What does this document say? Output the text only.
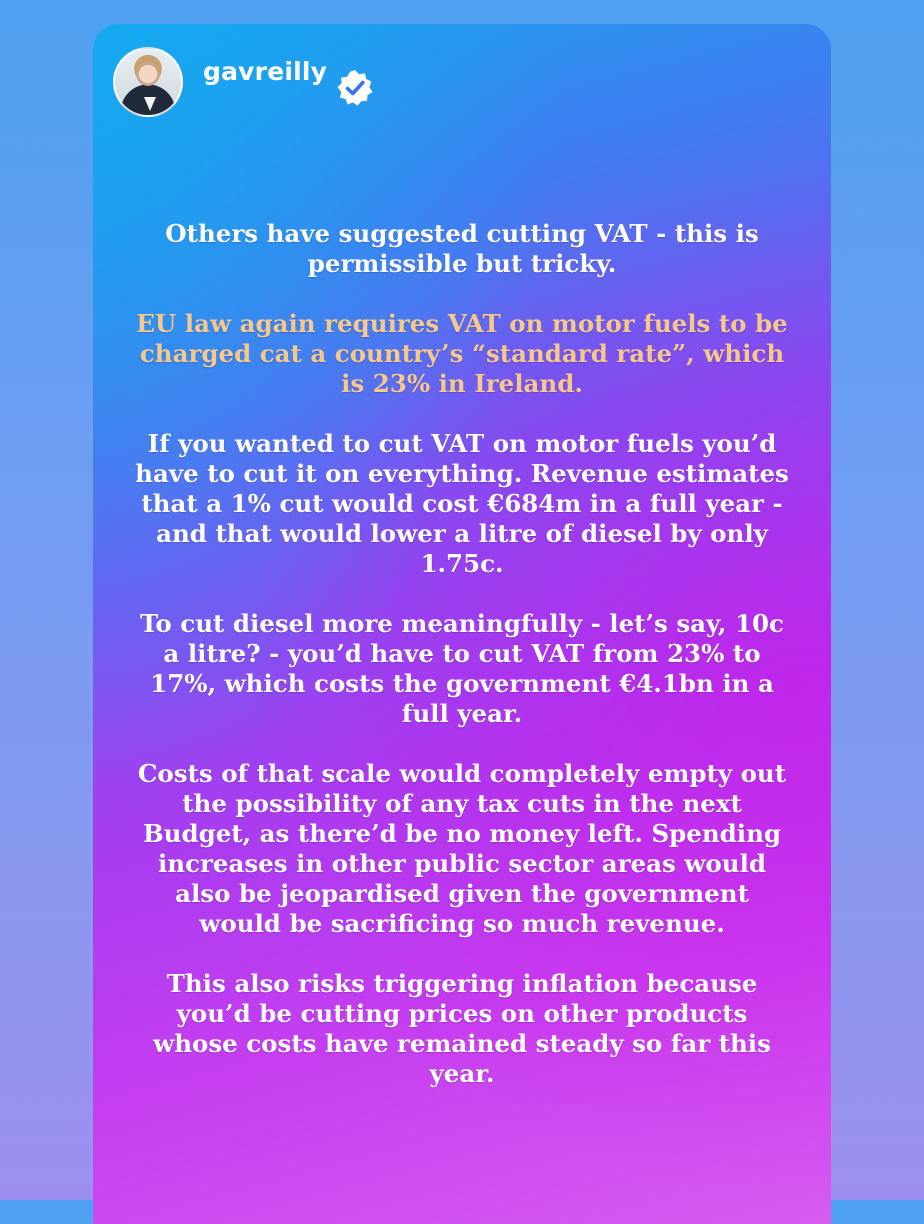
gavreilly

Others have suggested cutting VAT - this is permissible but tricky.

EU law again requires VAT on motor fuels to be charged cat a country’s “standard rate”, which is 23% in Ireland.

If you wanted to cut VAT on motor fuels you’d have to cut it on everything. Revenue estimates that a 1% cut would cost €684m in a full year - and that would lower a litre of diesel by only 1.75c.

To cut diesel more meaningfully - let’s say, 10c a litre? - you’d have to cut VAT from 23% to 17%, which costs the government €4.1bn in a full year.

Costs of that scale would completely empty out the possibility of any tax cuts in the next Budget, as there’d be no money left. Spending increases in other public sector areas would also be jeopardised given the government would be sacrificing so much revenue.

This also risks triggering inflation because you’d be cutting prices on other products whose costs have remained steady so far this year.
